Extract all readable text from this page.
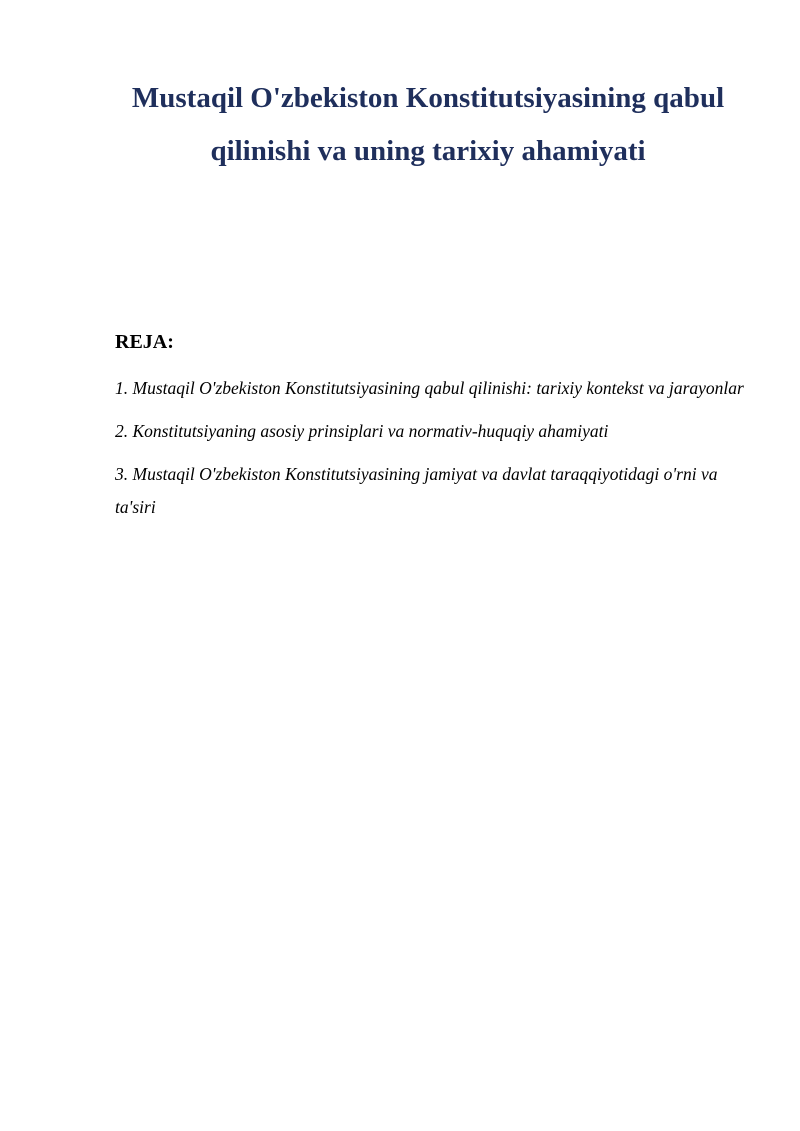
Mustaqil O'zbekiston Konstitutsiyasining qabul
qilinishi va uning tarixiy ahamiyati
REJA:
1. Mustaqil O'zbekiston Konstitutsiyasining qabul qilinishi: tarixiy kontekst va jarayonlar
2. Konstitutsiyaning asosiy prinsiplari va normativ-huquqiy ahamiyati
3. Mustaqil O'zbekiston Konstitutsiyasining jamiyat va davlat taraqqiyotidagi o'rni va ta'siri
